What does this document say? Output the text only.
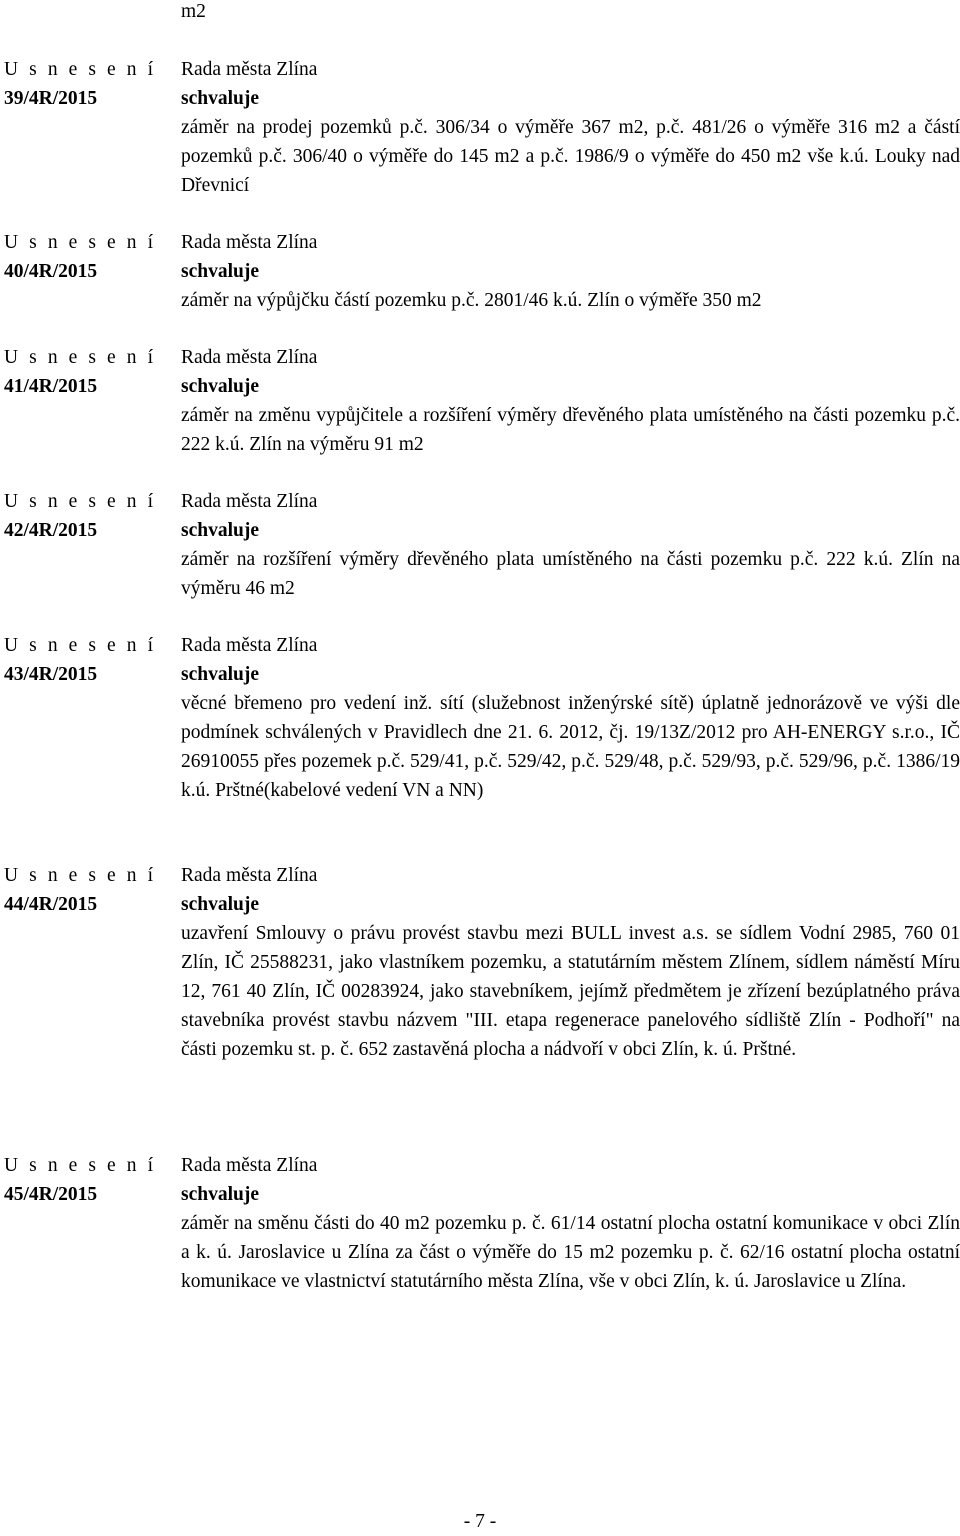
m2

U s n e s e n í
39/4R/2015
Rada města Zlína
schvaluje

záměr na prodej pozemků p.č. 306/34 o výměře 367 m2, p.č. 481/26 o výměře 316 m2 a částí pozemků p.č. 306/40 o výměře do 145 m2 a p.č. 1986/9 o výměře do 450 m2 vše k.ú. Louky nad Dřevnicí

U s n e s e n í
40/4R/2015
Rada města Zlína
schvaluje

záměr na výpůjčku částí pozemku p.č. 2801/46 k.ú. Zlín o výměře 350 m2

U s n e s e n í
41/4R/2015
Rada města Zlína
schvaluje

záměr na změnu vypůjčitele a rozšíření výměry dřevěného plata umístěného na části pozemku p.č. 222 k.ú. Zlín na výměru 91 m2

U s n e s e n í
42/4R/2015
Rada města Zlína
schvaluje

záměr na rozšíření výměry dřevěného plata umístěného na části pozemku p.č. 222 k.ú. Zlín na výměru 46 m2

U s n e s e n í
43/4R/2015
Rada města Zlína
schvaluje

věcné břemeno pro vedení inž. sítí (služebnost inženýrské sítě) úplatně jednorázově ve výši dle podmínek schválených v Pravidlech dne 21. 6. 2012, čj. 19/13Z/2012 pro AH-ENERGY s.r.o., IČ 26910055 přes pozemek p.č. 529/41, p.č. 529/42, p.č. 529/48, p.č. 529/93, p.č. 529/96, p.č. 1386/19 k.ú. Prštné(kabelové vedení VN a NN)

U s n e s e n í
44/4R/2015
Rada města Zlína
schvaluje

uzavření Smlouvy o právu provést stavbu mezi BULL invest a.s. se sídlem Vodní 2985, 760 01 Zlín, IČ 25588231, jako vlastníkem pozemku, a statutárním městem Zlínem, sídlem náměstí Míru 12, 761 40 Zlín, IČ 00283924, jako stavebníkem, jejímž předmětem je zřízení bezúplatného práva stavebníka provést stavbu názvem "III. etapa regenerace panelového sídliště Zlín - Podhoří" na části pozemku st. p. č. 652 zastavěná plocha a nádvoří v obci Zlín, k. ú. Prštné.

U s n e s e n í
45/4R/2015
Rada města Zlína
schvaluje

záměr na směnu části do 40 m2 pozemku p. č. 61/14 ostatní plocha ostatní komunikace v obci Zlín a k. ú. Jaroslavice u Zlína za část o výměře do 15 m2 pozemku p. č. 62/16 ostatní plocha ostatní komunikace ve vlastnictví statutárního města Zlína, vše v obci Zlín, k. ú. Jaroslavice u Zlína.

- 7 -
